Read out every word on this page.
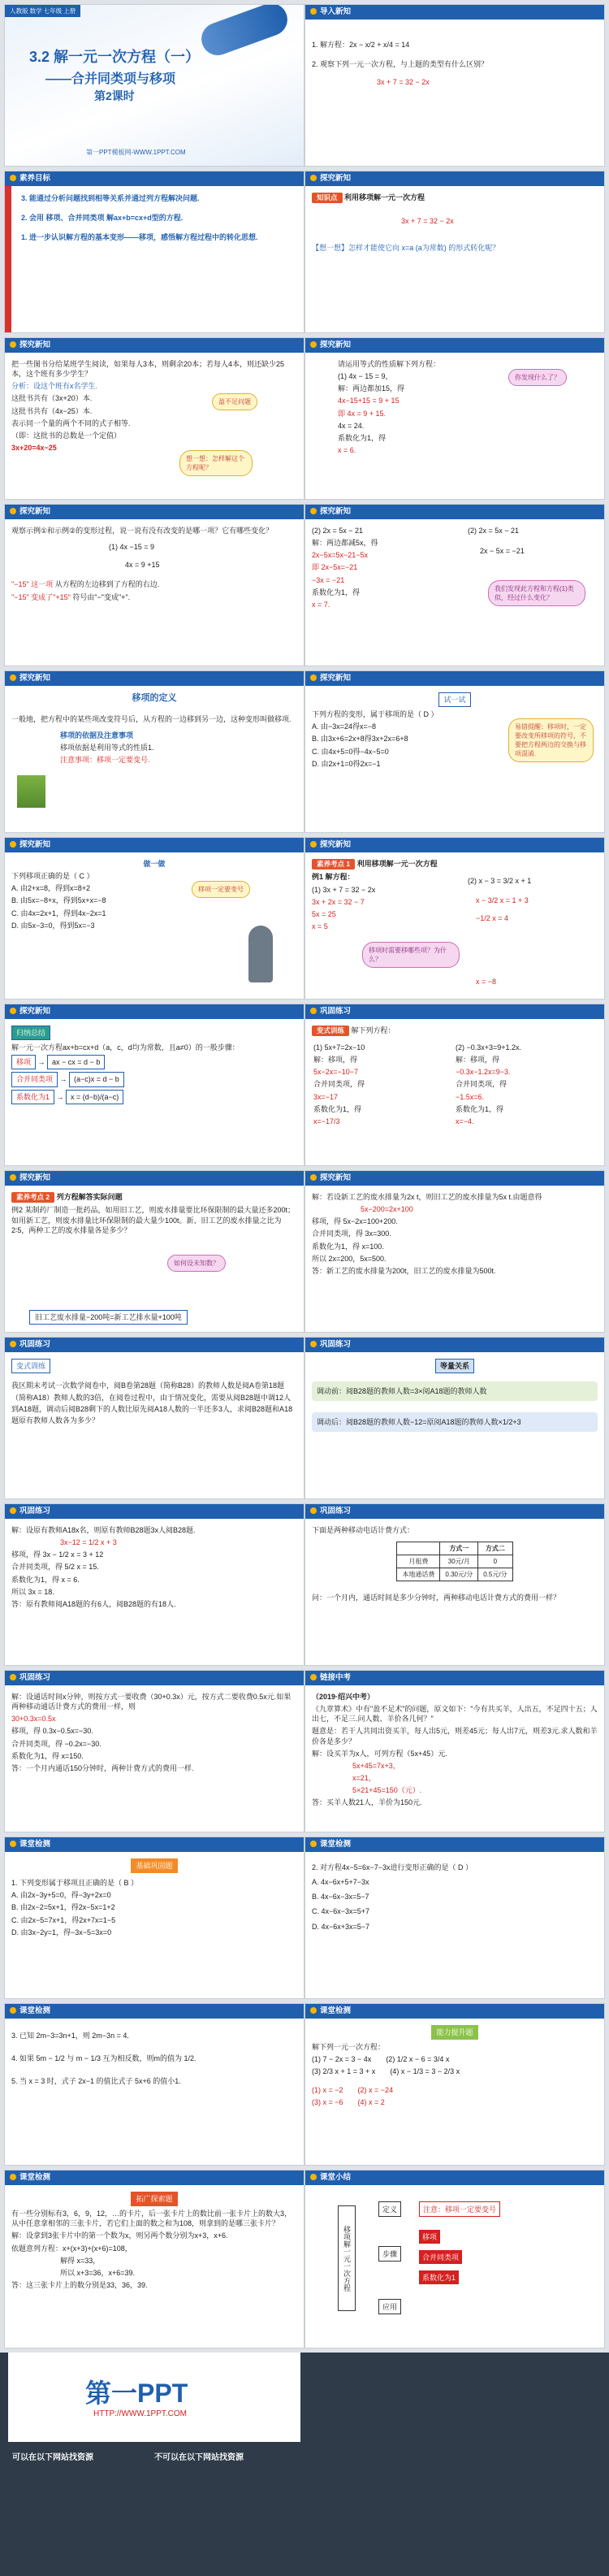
人教版 数学 七年级 上册
3.2 解一元一次方程（一）
——合并同类项与移项
第2课时
第一PPT模板网-WWW.1PPT.COM
导入新知
1. 解方程：2x − x/2 + x/4 = 14
2. 观察下列一元一次方程，与上题的类型有什么区别？
3x + 7 = 32 − 2x
素养目标
3. 能通过分析问题找到相等关系并通过列方程解决问题.
2. 会用 移项、合并同类项 解ax+b=cx+d型的方程.
1. 进一步认识解方程的基本变形——移项，感悟解方程过程中的转化思想.
探究新知
知识点 利用移项解一元一次方程
3x + 7 = 32 − 2x
【想一想】怎样才能使它向 x=a (a为常数) 的形式转化呢？
探究新知
把一些图书分给某班学生阅读，如果每人3本，则剩余20本；若每人4本，则还缺少25本，这个班有多少学生？
分析：设这个班有x名学生.
这批书共有（3x+20）本.
这批书共有（4x−25）本.
表示同一个量的两个不同的式子相等.
（即：这批书的总数是一个定值）
3x+20=4x−25
盈不足问题
想一想：怎样解这个方程呢？
探究新知
请运用等式的性质解下列方程：
(1) 4x − 15 = 9，
解：两边都加15，得
4x−15+15 = 9 + 15
即 4x = 9 + 15.
4x = 24.
系数化为1，得
x = 6.
你发现什么了？
探究新知
观察示例①和示例②的变形过程，说一说有没有改变的是哪一项？它有哪些变化？
(1) 4x −15 = 9
4x = 9 +15
"−15" 这一项 从方程的左边移到了方程的右边.
"−15" 变成了"+15" 符号由"−"变成"+".
探究新知
(2) 2x = 5x − 21
解：两边都减5x，得
2x−5x=5x−21−5x
即 2x−5x=−21
−3x = −21
系数化为1，得
x = 7.
(2) 2x = 5x − 21
2x − 5x = −21
我们发现此方程和方程(1)类似，经过什么变化？
探究新知
移项的定义
一般地，把方程中的某些项改变符号后，从方程的一边移到另一边，这种变形叫做移项.
移项的依据及注意事项
移项依据是利用等式的性质1.
注意事项：移项一定要变号.
探究新知
试一试
下列方程的变形，属于移项的是（ D ）
A. 由−3x=24得x=−8
B. 由3x+6=2x+8得3x+2x=6+8
C. 由4x+5=0得−4x−5=0
D. 由2x+1=0得2x=−1
易错提醒：移项时，一定要改变所移项的符号，不要把方程两边的交换与移项混淆.
探究新知
做一做
下列移项正确的是（ C ）
A. 由2+x=8，得到x=8+2
B. 由5x=−8+x，得到5x+x=−8
C. 由4x=2x+1，得到4x−2x=1
D. 由5x−3=0，得到5x=−3
移项一定要变号
探究新知
素养考点 1 利用移项解一元一次方程
例1 解方程：
(1) 3x + 7 = 32 − 2x
3x + 2x = 32 − 7
5x = 25
x = 5
(2) x − 3 = 3/2 x + 1
x − 3/2 x = 1 + 3
−1/2 x = 4
x = −8
移项时需要移哪些项？为什么？
探究新知
归纳总结
解一元一次方程ax+b=cx+d（a，c，d均为常数，且a≠0）的一般步骤：
移项 → ax − cx = d − b
合并同类项 → (a−c)x = d − b
系数化为1 → x = (d−b)/(a−c)
巩固练习
变式训练 解下列方程：
(1) 5x+7=2x−10
解：移项，得
5x−2x=−10−7
合并同类项，得
3x=−17
系数化为1，得
x=−17/3
(2) −0.3x+3=9+1.2x.
解：移项，得
−0.3x−1.2x=9−3.
合并同类项，得
−1.5x=6.
系数化为1，得
x=−4.
探究新知
素养考点 2 列方程解答实际问题
例2 某制药厂制造一批药品，如用旧工艺，则废水排量要比环保限制的最大量还多200t；如用新工艺，则废水排量比环保限制的最大量少100t。新、旧工艺的废水排量之比为2∶5，两种工艺的废水排量各是多少？
如何设未知数？
旧工艺废水排量−200吨=新工艺排水量+100吨
探究新知
解：若设新工艺的废水排量为2x t，则旧工艺的废水排量为5x t.由题意得
5x−200=2x+100
移项，得 5x−2x=100+200.
合并同类项，得 3x=300.
系数化为1，得 x=100.
所以 2x=200，5x=500.
答：新工艺的废水排量为200t，旧工艺的废水排量为500t.
巩固练习
变式训练
我区期末考试一次数学阅卷中，阅B卷第28题（简称B28）的教师人数是阅A卷第18题（简称A18）教师人数的3倍，在阅卷过程中，由于情况变化，需要从阅B28题中调12人到A18题，调动后阅B28剩下的人数比原先阅A18人数的一半还多3人，求阅B28题和A18题原有教师人数各为多少？
巩固练习
等量关系
调动前：阅B28题的教师人数=3×阅A18题的教师人数
调动后：阅B28题的教师人数−12=原阅A18题的教师人数×1/2+3
巩固练习
解：设原有教师A18x名，则原有教师B28题3x人阅B28题.
3x−12 = 1/2 x + 3
移项，得 3x − 1/2 x = 3 + 12
合并同类项，得 5/2 x = 15.
系数化为1，得 x = 6.
所以 3x = 18.
答：原有教师阅A18题的有6人，阅B28题的有18人.
巩固练习
下面是两种移动电话计费方式：
	方式一	方式二
月租费	30元/月	0
本地通话费	0.30元/分	0.5元/分
问：一个月内，通话时间是多少分钟时，两种移动电话计费方式的费用一样？
巩固练习
解：设通话时间x分钟，则按方式一要收费（30+0.3x）元，按方式二要收费0.5x元.如果两种移动通话计费方式的费用一样，则
30+0.3x=0.5x
移项，得 0.3x−0.5x=−30.
合并同类项，得 −0.2x=−30.
系数化为1，得 x=150.
答：一个月内通话150分钟时，两种计费方式的费用一样.
链接中考
（2019·绍兴中考）
《九章算术》中有"盈不足术"的问题，原文如下："今有共买羊，人出五，不足四十五；人出七，不足三.问人数、羊价各几何？"
题意是：若干人共同出资买羊，每人出5元，则差45元；每人出7元，则差3元.求人数和羊价各是多少？
解：设买羊为x人，可列方程（5x+45）元.
5x+45=7x+3，
x=21，
5×21+45=150（元）.
答：买羊人数21人，羊价为150元.
课堂检测
基础巩固题
1. 下列变形属于移项且正确的是（ B ）
A. 由2x−3y+5=0，得−3y+2x=0
B. 由2x−2=5x+1，得2x−5x=1+2
C. 由2x−5=7x+1，得2x+7x=1−5
D. 由3x−2y=1，得−3x−5=3x=0
课堂检测
2. 对方程4x−5=6x−7−3x进行变形正确的是（ D ）
A. 4x−6x+5+7−3x
B. 4x−6x−3x=5−7
C. 4x−6x−3x=5+7
D. 4x−6x+3x=5−7
课堂检测
3. 已知 2m−3=3n+1，则 2m−3n = 4.
4. 如果 5m − 1/2 与 m − 1/3 互为相反数，则m的值为 1/2.
5. 当 x = 3 时，式子 2x−1 的值比式子 5x+6 的值小1.
课堂检测
能力提升题
解下列一元一次方程：
(1) 7 − 2x = 3 − 4x　　 (2) 1/2 x − 6 = 3/4 x
(3) 2/3 x + 1 = 3 + x　　 (4) x − 1/3 = 3 − 2/3 x
(1) x = −2　　 (2) x = −24
(3) x = −6　　 (4) x = 2
课堂检测
拓广探索题
有一些分别标有3，6，9，12，…的卡片，后一张卡片上的数比前一张卡片上的数大3，从中任意拿相邻的三张卡片，若它们上面的数之和为108，则拿到的是哪三张卡片？
解：设拿到3张卡片中的第一个数为x，则另两个数分别为x+3，x+6.
依题意列方程：x+(x+3)+(x+6)=108，
解得 x=33，
所以 x+3=36，x+6=39.
答：这三张卡片上的数分别是33，36，39.
课堂小结
移项解一元一次方程
定义
步骤
应用
注意：移项一定要变号
移项
合并同类项
系数化为1
第一PPT
HTTP://WWW.1PPT.COM
可以在以下网站找资源	不可以在以下网站找资源
